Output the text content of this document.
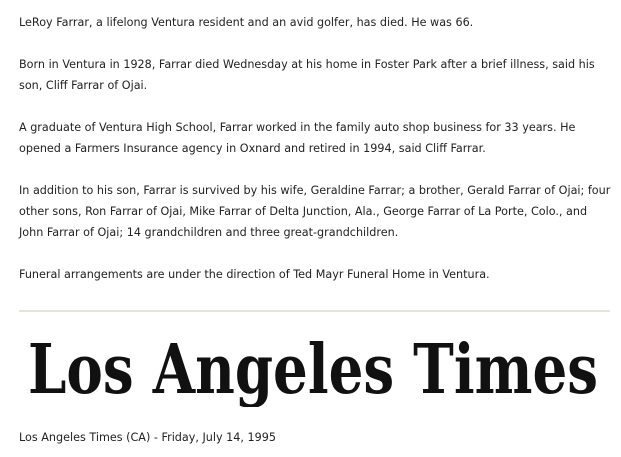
LeRoy Farrar, a lifelong Ventura resident and an avid golfer, has died. He was 66.

Born in Ventura in 1928, Farrar died Wednesday at his home in Foster Park after a brief illness, said his son, Cliff Farrar of Ojai.

A graduate of Ventura High School, Farrar worked in the family auto shop business for 33 years. He opened a Farmers Insurance agency in Oxnard and retired in 1994, said Cliff Farrar.

In addition to his son, Farrar is survived by his wife, Geraldine Farrar; a brother, Gerald Farrar of Ojai; four other sons, Ron Farrar of Ojai, Mike Farrar of Delta Junction, Ala., George Farrar of La Porte, Colo., and John Farrar of Ojai; 14 grandchildren and three great-grandchildren.

Funeral arrangements are under the direction of Ted Mayr Funeral Home in Ventura.

Los Angeles Times
Los Angeles Times (CA) - Friday, July 14, 1995
